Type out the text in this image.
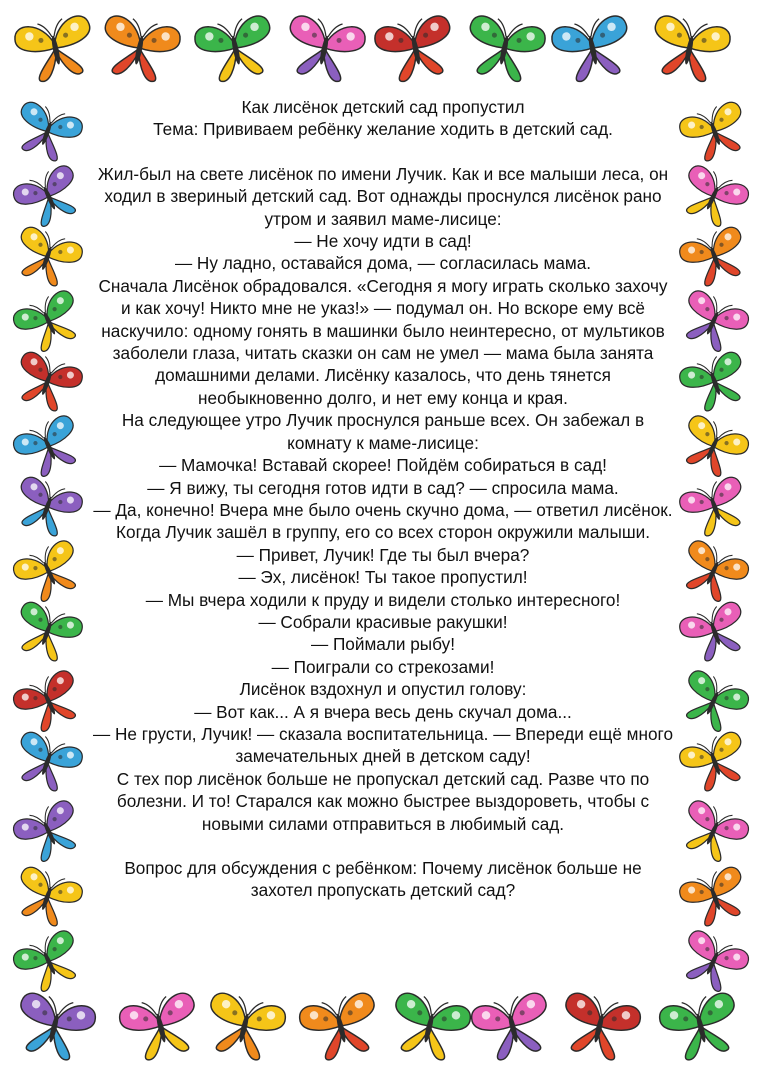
Как лисёнок детский сад пропустил

Тема: Прививаем ребёнку желание ходить в детский сад.

Жил-был на свете лисёнок по имени Лучик. Как и все малыши леса, он ходил в звериный детский сад. Вот однажды проснулся лисёнок рано утром и заявил маме-лисице:

— Не хочу идти в сад!

— Ну ладно, оставайся дома, — согласилась мама.

Сначала Лисёнок обрадовался. «Сегодня я могу играть сколько захочу и как хочу! Никто мне не указ!» — подумал он. Но вскоре ему всё наскучило: одному гонять в машинки было неинтересно, от мультиков заболели глаза, читать сказки он сам не умел — мама была занята домашними делами. Лисёнку казалось, что день тянется необыкновенно долго, и нет ему конца и края.

На следующее утро Лучик проснулся раньше всех. Он забежал в комнату к маме-лисице:

— Мамочка! Вставай скорее! Пойдём собираться в сад!

— Я вижу, ты сегодня готов идти в сад? — спросила мама.

— Да, конечно! Вчера мне было очень скучно дома, — ответил лисёнок.

Когда Лучик зашёл в группу, его со всех сторон окружили малыши.

— Привет, Лучик! Где ты был вчера?

— Эх, лисёнок! Ты такое пропустил!

— Мы вчера ходили к пруду и видели столько интересного!

— Собрали красивые ракушки!

— Поймали рыбу!

— Поиграли со стрекозами!

Лисёнок вздохнул и опустил голову:

— Вот как... А я вчера весь день скучал дома...

— Не грусти, Лучик! — сказала воспитательница. — Впереди ещё много замечательных дней в детском саду!

С тех пор лисёнок больше не пропускал детский сад. Разве что по болезни. И то! Старался как можно быстрее выздороветь, чтобы с новыми силами отправиться в любимый сад.

Вопрос для обсуждения с ребёнком: Почему лисёнок больше не захотел пропускать детский сад?
